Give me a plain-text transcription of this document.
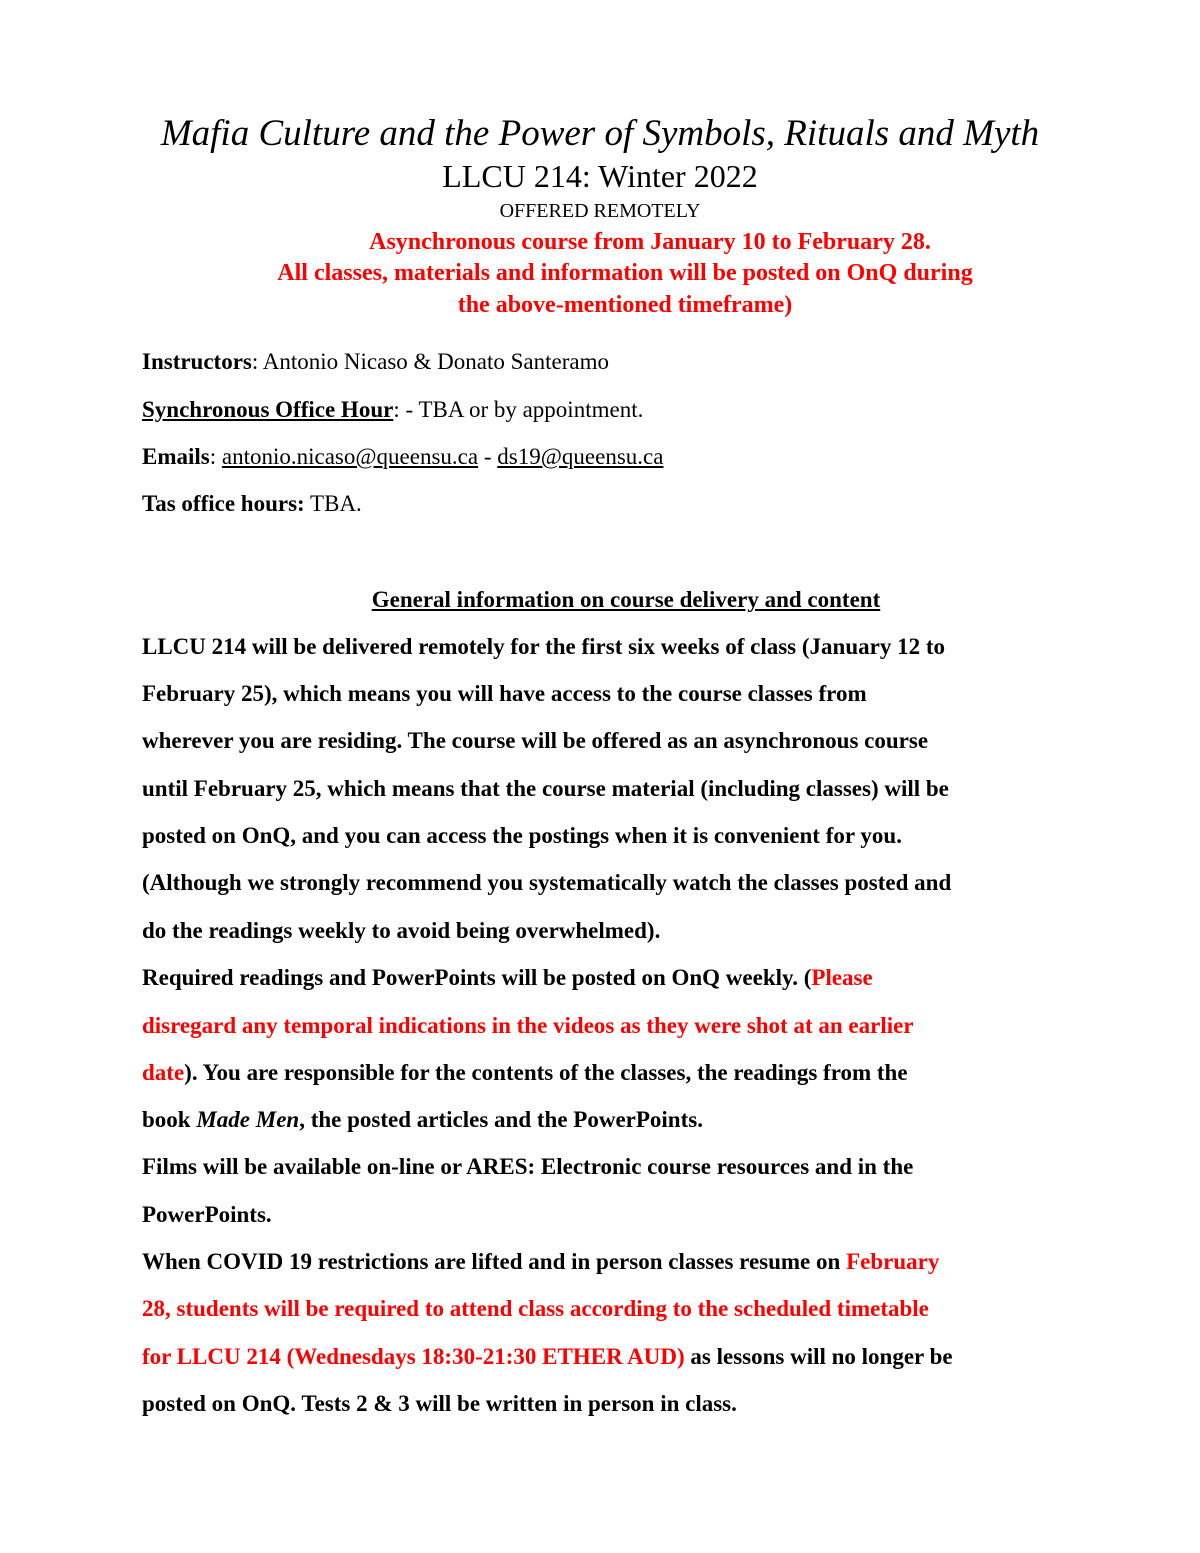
Mafia Culture and the Power of Symbols, Rituals and Myth
LLCU 214: Winter 2022
OFFERED REMOTELY
Asynchronous course from January 10 to February 28.
All classes, materials and information will be posted on OnQ during
the above-mentioned timeframe)
Instructors: Antonio Nicaso & Donato Santeramo
Synchronous Office Hour: - TBA or by appointment.
Emails: antonio.nicaso@queensu.ca - ds19@queensu.ca
Tas office hours: TBA.
General information on course delivery and content
LLCU 214 will be delivered remotely for the first six weeks of class (January 12 to
February 25), which means you will have access to the course classes from
wherever you are residing. The course will be offered as an asynchronous course
until February 25, which means that the course material (including classes) will be
posted on OnQ, and you can access the postings when it is convenient for you.
(Although we strongly recommend you systematically watch the classes posted and
do the readings weekly to avoid being overwhelmed).
Required readings and PowerPoints will be posted on OnQ weekly. (Please
disregard any temporal indications in the videos as they were shot at an earlier
date). You are responsible for the contents of the classes, the readings from the
book Made Men, the posted articles and the PowerPoints.
Films will be available on-line or ARES: Electronic course resources and in the
PowerPoints.
When COVID 19 restrictions are lifted and in person classes resume on February
28, students will be required to attend class according to the scheduled timetable
for LLCU 214 (Wednesdays 18:30-21:30 ETHER AUD) as lessons will no longer be
posted on OnQ. Tests 2 & 3 will be written in person in class.
